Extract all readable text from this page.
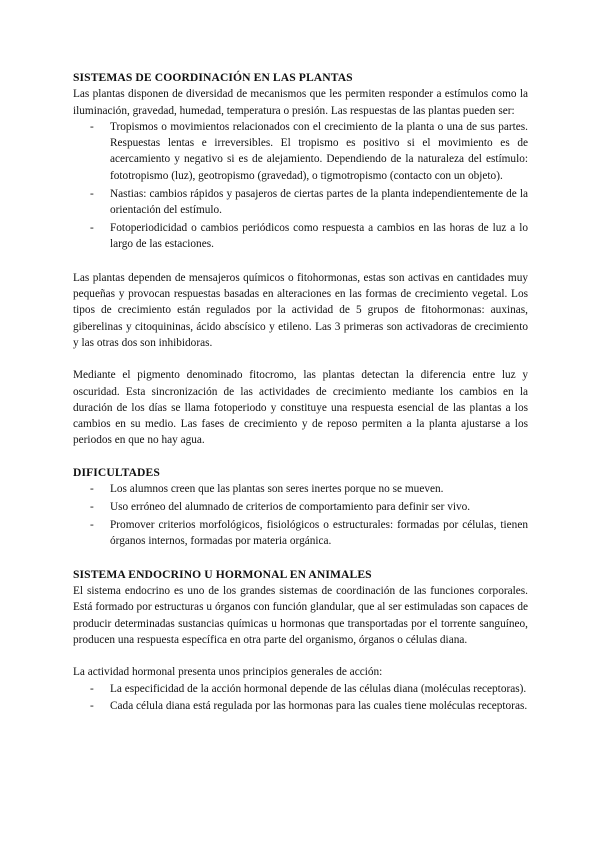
SISTEMAS DE COORDINACIÓN EN LAS PLANTAS

Las plantas disponen de diversidad de mecanismos que les permiten responder a estímulos como la iluminación, gravedad, humedad, temperatura o presión. Las respuestas de las plantas pueden ser:

- Tropismos o movimientos relacionados con el crecimiento de la planta o una de sus partes. Respuestas lentas e irreversibles. El tropismo es positivo si el movimiento es de acercamiento y negativo si es de alejamiento. Dependiendo de la naturaleza del estímulo: fototropismo (luz), geotropismo (gravedad), o tigmotropismo (contacto con un objeto).
- Nastias: cambios rápidos y pasajeros de ciertas partes de la planta independientemente de la orientación del estímulo.
- Fotoperiodicidad o cambios periódicos como respuesta a cambios en las horas de luz a lo largo de las estaciones.

Las plantas dependen de mensajeros químicos o fitohormonas, estas son activas en cantidades muy pequeñas y provocan respuestas basadas en alteraciones en las formas de crecimiento vegetal. Los tipos de crecimiento están regulados por la actividad de 5 grupos de fitohormonas: auxinas, giberelinas y citoquininas, ácido abscísico y etileno. Las 3 primeras son activadoras de crecimiento y las otras dos son inhibidoras.

Mediante el pigmento denominado fitocromo, las plantas detectan la diferencia entre luz y oscuridad. Esta sincronización de las actividades de crecimiento mediante los cambios en la duración de los días se llama fotoperiodo y constituye una respuesta esencial de las plantas a los cambios en su medio. Las fases de crecimiento y de reposo permiten a la planta ajustarse a los periodos en que no hay agua.

DIFICULTADES
- Los alumnos creen que las plantas son seres inertes porque no se mueven.
- Uso erróneo del alumnado de criterios de comportamiento para definir ser vivo.
- Promover criterios morfológicos, fisiológicos o estructurales: formadas por células, tienen órganos internos, formadas por materia orgánica.
SISTEMA ENDOCRINO U HORMONAL EN ANIMALES

El sistema endocrino es uno de los grandes sistemas de coordinación de las funciones corporales. Está formado por estructuras u órganos con función glandular, que al ser estimuladas son capaces de producir determinadas sustancias químicas u hormonas que transportadas por el torrente sanguíneo, producen una respuesta específica en otra parte del organismo, órganos o células diana.

La actividad hormonal presenta unos principios generales de acción:

- La especificidad de la acción hormonal depende de las células diana (moléculas receptoras).
- Cada célula diana está regulada por las hormonas para las cuales tiene moléculas receptoras.
